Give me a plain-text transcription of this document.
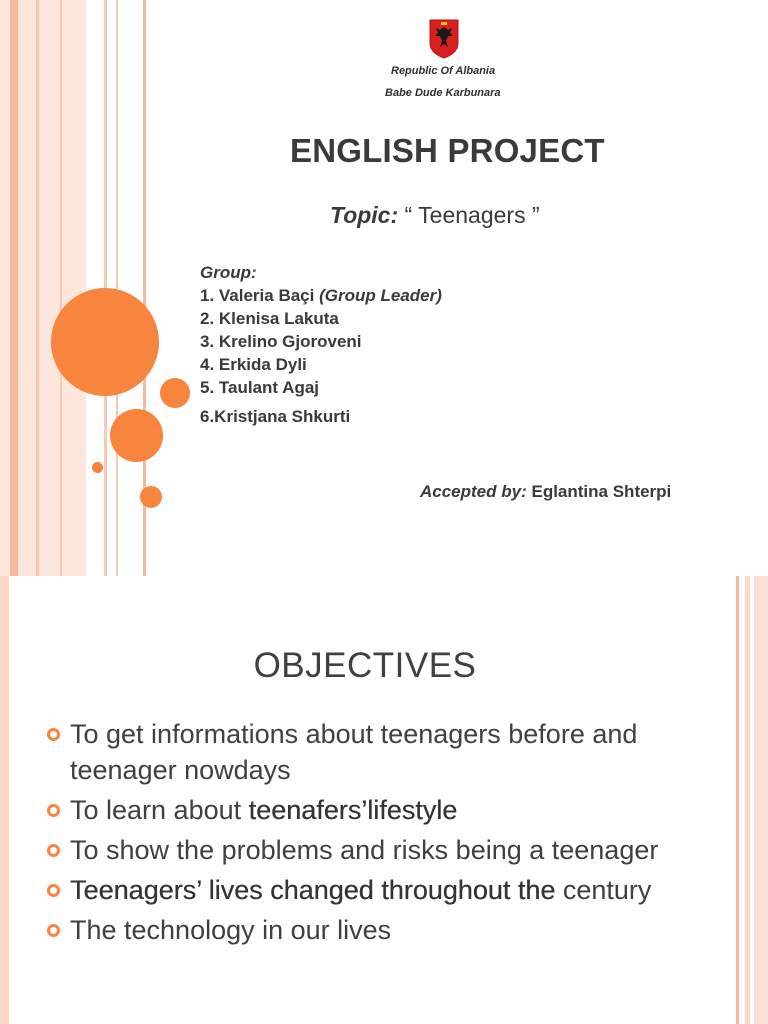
Republic Of Albania
Babe Dude Karbunara
ENGLISH PROJECT
Topic: “ Teenagers ”
Group:
1. Valeria Baçi (Group Leader)
2. Klenisa Lakuta
3. Krelino Gjoroveni
4. Erkida Dyli
5. Taulant Agaj
6.Kristjana Shkurti
Accepted by: Eglantina Shterpi
OBJECTIVES
To get informations about teenagers before and teenager nowdays
To learn about teenafers’lifestyle
To show the problems and risks being a teenager
Teenagers’ lives changed throughout the century
The technology in our lives
